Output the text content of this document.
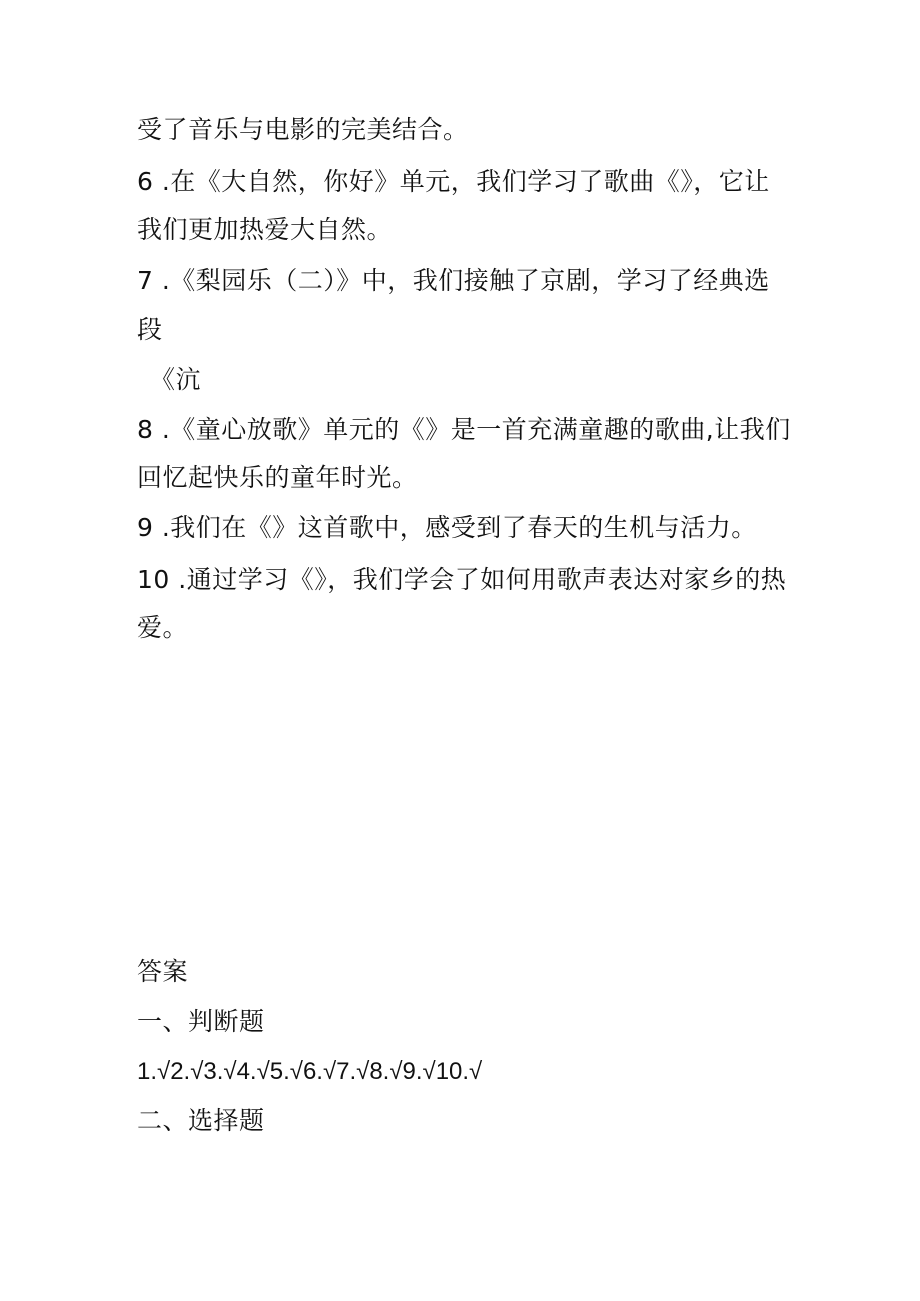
受了音乐与电影的完美结合。
6 .在《大自然，你好》单元，我们学习了歌曲《》，它让
我们更加热爱大自然。
7 .《梨园乐（二）》中，我们接触了京剧，学习了经典选
段
《沆
8 .《童心放歌》单元的《》是一首充满童趣的歌曲,让我们
回忆起快乐的童年时光。
9 .我们在《》这首歌中，感受到了春天的生机与活力。
10 .通过学习《》，我们学会了如何用歌声表达对家乡的热
爱。
答案
一、判断题
1.√2.√3.√4.√5.√6.√7.√8.√9.√10.√
二、选择题
